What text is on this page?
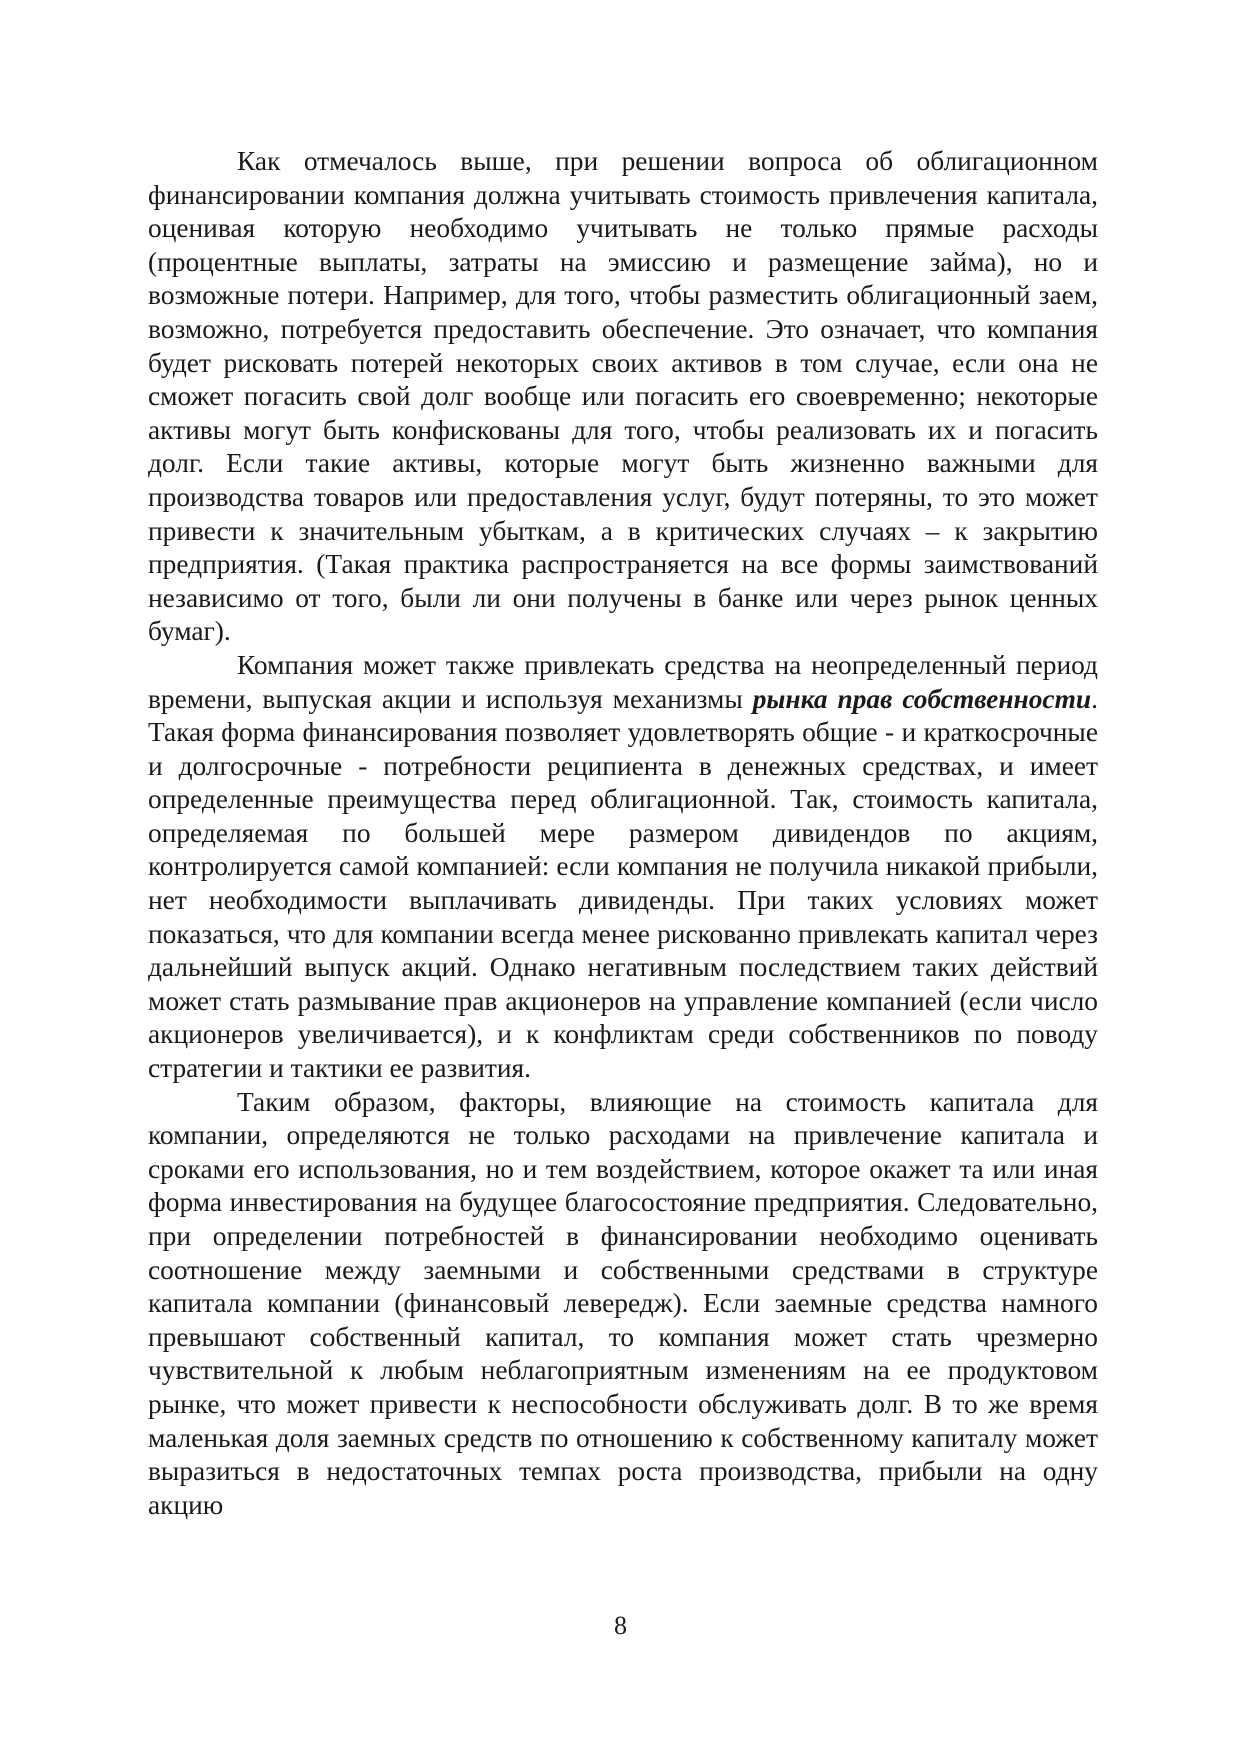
Как отмечалось выше, при решении вопроса об облигационном финансировании компания должна учитывать стоимость привлечения капитала, оценивая которую необходимо учитывать не только прямые расходы (процентные выплаты, затраты на эмиссию и размещение займа), но и возможные потери. Например, для того, чтобы разместить облигационный заем, возможно, потребуется предоставить обеспечение. Это означает, что компания будет рисковать потерей некоторых своих активов в том случае, если она не сможет погасить свой долг вообще или погасить его своевременно; некоторые активы могут быть конфискованы для того, чтобы реализовать их и погасить долг. Если такие активы, которые могут быть жизненно важными для производства товаров или предоставления услуг, будут потеряны, то это может привести к значительным убыткам, а в критических случаях – к закрытию предприятия. (Такая практика распространяется на все формы заимствований независимо от того, были ли они получены в банке или через рынок ценных бумаг).

Компания может также привлекать средства на неопределенный период времени, выпуская акции и используя механизмы рынка прав собственности. Такая форма финансирования позволяет удовлетворять общие - и краткосрочные и долгосрочные - потребности реципиента в денежных средствах, и имеет определенные преимущества перед облигационной. Так, стоимость капитала, определяемая по большей мере размером дивидендов по акциям, контролируется самой компанией: если компания не получила никакой прибыли, нет необходимости выплачивать дивиденды. При таких условиях может показаться, что для компании всегда менее рискованно привлекать капитал через дальнейший выпуск акций. Однако негативным последствием таких действий может стать размывание прав акционеров на управление компанией (если число акционеров увеличивается), и к конфликтам среди собственников по поводу стратегии и тактики ее развития.

Таким образом, факторы, влияющие на стоимость капитала для компании, определяются не только расходами на привлечение капитала и сроками его использования, но и тем воздействием, которое окажет та или иная форма инвестирования на будущее благосостояние предприятия. Следовательно, при определении потребностей в финансировании необходимо оценивать соотношение между заемными и собственными средствами в структуре капитала компании (финансовый левередж). Если заемные средства намного превышают собственный капитал, то компания может стать чрезмерно чувствительной к любым неблагоприятным изменениям на ее продуктовом рынке, что может привести к неспособности обслуживать долг. В то же время маленькая доля заемных средств по отношению к собственному капиталу может выразиться в недостаточных темпах роста производства, прибыли на одну акцию

8
